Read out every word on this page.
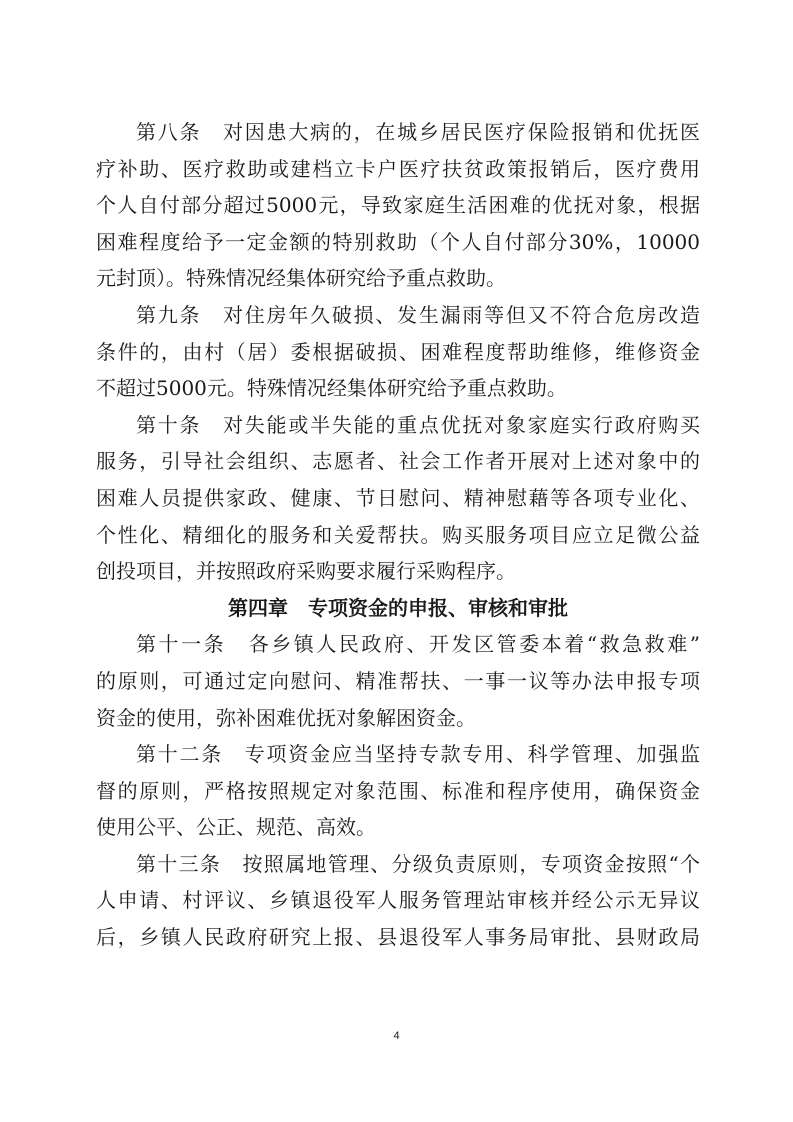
第八条　对因患大病的，在城乡居民医疗保险报销和优抚医
疗补助、医疗救助或建档立卡户医疗扶贫政策报销后，医疗费用
个人自付部分超过5000元，导致家庭生活困难的优抚对象，根据
困难程度给予一定金额的特别救助（个人自付部分30%，10000
元封顶）。特殊情况经集体研究给予重点救助。
第九条　对住房年久破损、发生漏雨等但又不符合危房改造
条件的，由村（居）委根据破损、困难程度帮助维修，维修资金
不超过5000元。特殊情况经集体研究给予重点救助。
第十条　对失能或半失能的重点优抚对象家庭实行政府购买
服务，引导社会组织、志愿者、社会工作者开展对上述对象中的
困难人员提供家政、健康、节日慰问、精神慰藉等各项专业化、
个性化、精细化的服务和关爱帮扶。购买服务项目应立足微公益
创投项目，并按照政府采购要求履行采购程序。
第四章　专项资金的申报、审核和审批
第十一条　各乡镇人民政府、开发区管委本着“救急救难”
的原则，可通过定向慰问、精准帮扶、一事一议等办法申报专项
资金的使用，弥补困难优抚对象解困资金。
第十二条　专项资金应当坚持专款专用、科学管理、加强监
督的原则，严格按照规定对象范围、标准和程序使用，确保资金
使用公平、公正、规范、高效。
第十三条　按照属地管理、分级负责原则，专项资金按照“个
人申请、村评议、乡镇退役军人服务管理站审核并经公示无异议
后，乡镇人民政府研究上报、县退役军人事务局审批、县财政局
4
